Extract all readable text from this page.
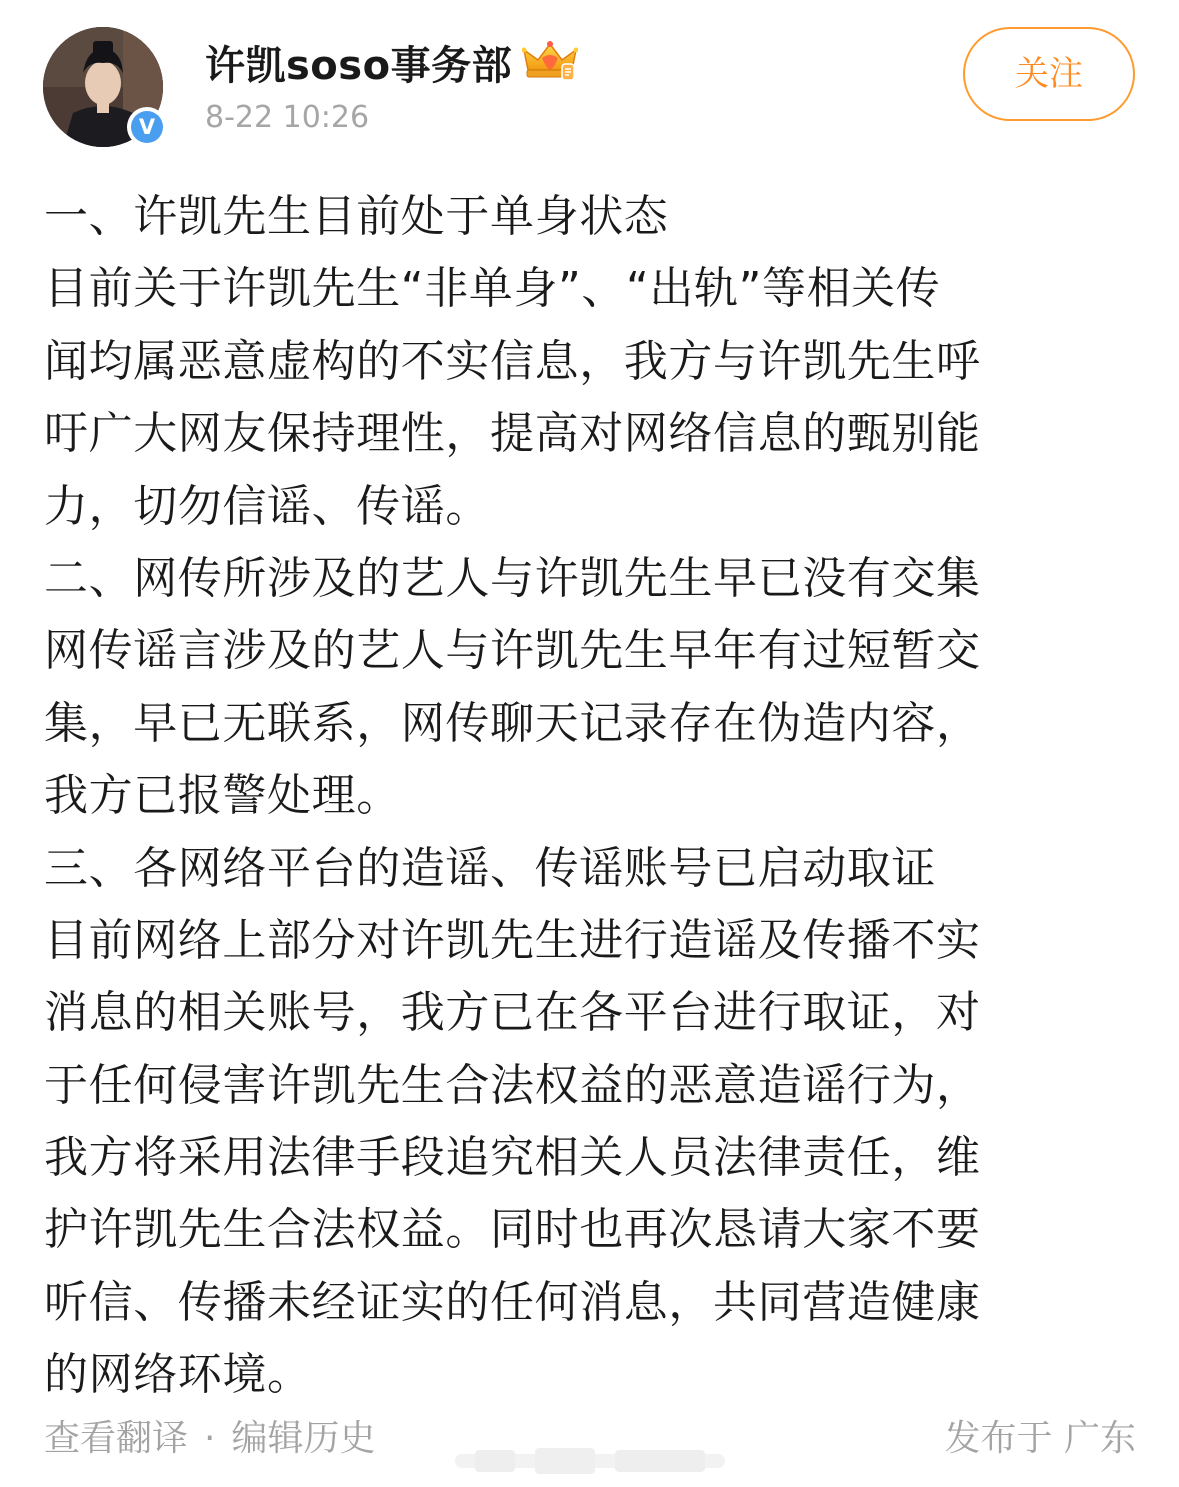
V
许凯soso事务部
8-22 10:26
关注
一、许凯先生目前处于单身状态
目前关于许凯先生“非单身”、“出轨”等相关传
闻均属恶意虚构的不实信息，我方与许凯先生呼
吁广大网友保持理性，提高对网络信息的甄别能
力，切勿信谣、传谣。
二、网传所涉及的艺人与许凯先生早已没有交集
网传谣言涉及的艺人与许凯先生早年有过短暂交
集，早已无联系，网传聊天记录存在伪造内容，
我方已报警处理。
三、各网络平台的造谣、传谣账号已启动取证
目前网络上部分对许凯先生进行造谣及传播不实
消息的相关账号，我方已在各平台进行取证，对
于任何侵害许凯先生合法权益的恶意造谣行为，
我方将采用法律手段追究相关人员法律责任，维
护许凯先生合法权益。同时也再次恳请大家不要
听信、传播未经证实的任何消息，共同营造健康
的网络环境。
查看翻译 · 编辑历史	发布于 广东
